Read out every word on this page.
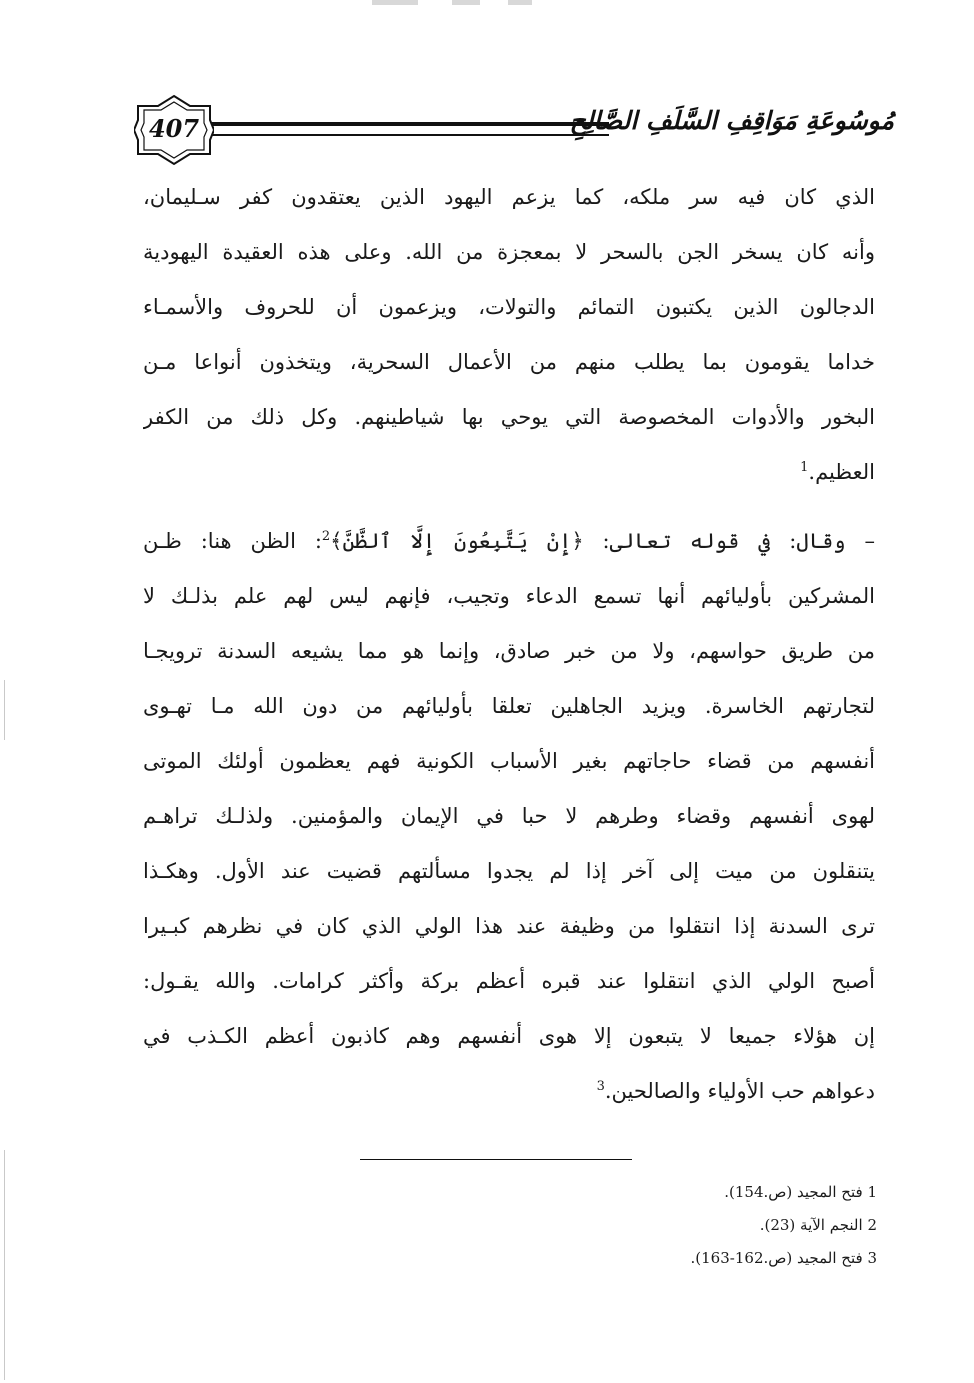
مُوسُوعَةِ مَوَاقِفِ السَّلَفِ الصَّالِحِ
407
الذي كان فيه سر ملكه، كما يزعم اليهود الذين يعتقدون كفر سـليمان،
وأنه كان يسخر الجن بالسحر لا بمعجزة من الله. وعلى هذه العقيدة اليهودية
الدجالون الذين يكتبون التمائم والتولات، ويزعمون أن للحروف والأسمـاء
خداما يقومون بما يطلب منهم من الأعمال السحرية، ويتخذون أنواعا مـن
البخور والأدوات المخصوصة التي يوحي بها شياطينهم. وكل ذلك من الكفر
العظيم.$^1$
– وقال: في قوله تعالى: ﴿إِنْ يَتَّبِعُونَ إِلَّا ٱلظَّنَّ﴾$^2$: الظن هنا: ظـن
المشركين بأوليائهم أنها تسمع الدعاء وتجيب، فإنهم ليس لهم علم بذلـك لا
من طريق حواسهم، ولا من خبر صادق، وإنما هو مما يشيعه السدنة ترويجـا
لتجارتهم الخاسرة. ويزيد الجاهلين تعلقا بأوليائهم من دون الله مـا تهـوى
أنفسهم من قضاء حاجاتهم بغير الأسباب الكونية فهم يعظمون أولئك الموتى
لهوى أنفسهم وقضاء وطرهم لا حبا في الإيمان والمؤمنين. ولذلـك تراهـم
يتنقلون من ميت إلى آخر إذا لم يجدوا مسألتهم قضيت عند الأول. وهكـذا
ترى السدنة إذا انتقلوا من وظيفة عند هذا الولي الذي كان في نظرهم كبـيرا
أصبح الولي الذي انتقلوا عند قبره أعظم بركة وأكثر كرامات. والله يقـول:
إن هؤلاء جميعا لا يتبعون إلا هوى أنفسهم وهم كاذبون أعظم الكـذب في
دعواهم حب الأولياء والصالحين.$^3$
1 فتح المجيد (ص.154).
2 النجم الآية (23).
3 فتح المجيد (ص.162-163).
